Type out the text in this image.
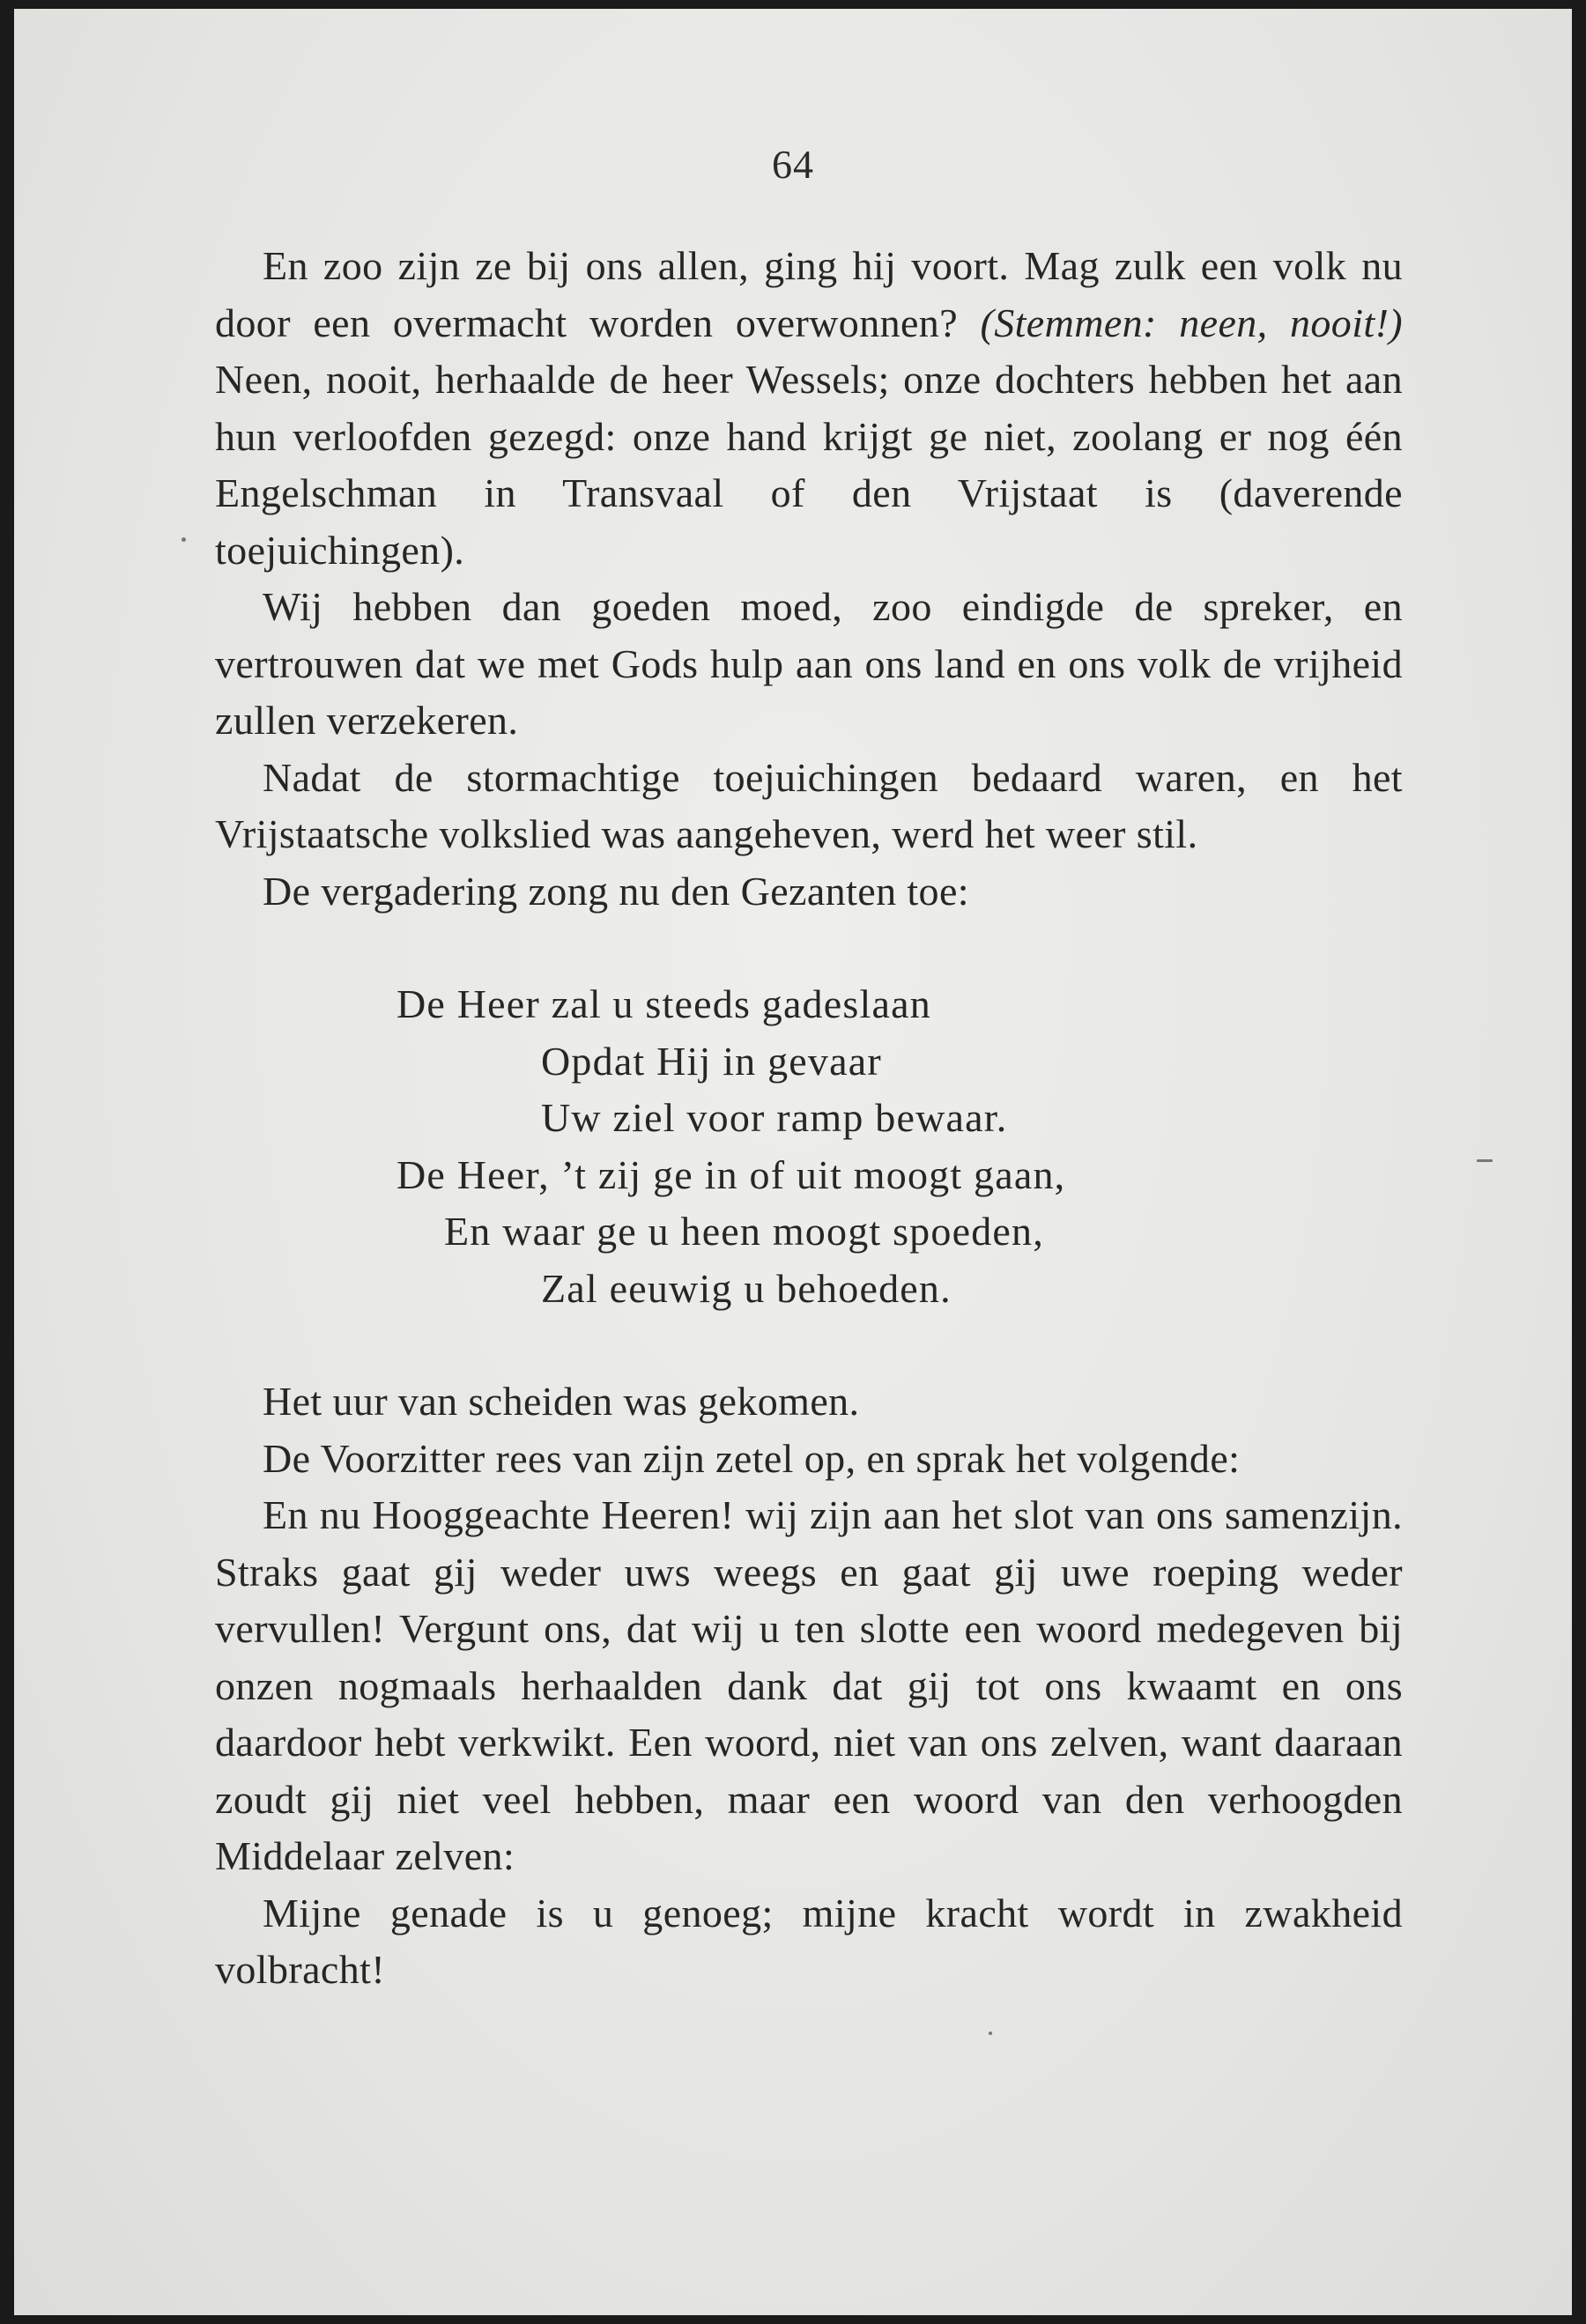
64

En zoo zijn ze bij ons allen, ging hij voort. Mag zulk een volk nu door een overmacht worden overwonnen? (Stemmen: neen, nooit!) Neen, nooit, herhaalde de heer Wessels; onze dochters hebben het aan hun verloofden gezegd: onze hand krijgt ge niet, zoolang er nog één Engelschman in Transvaal of den Vrijstaat is (daverende toejuichingen).

Wij hebben dan goeden moed, zoo eindigde de spreker, en vertrouwen dat we met Gods hulp aan ons land en ons volk de vrijheid zullen verzekeren.

Nadat de stormachtige toejuichingen bedaard waren, en het Vrijstaatsche volkslied was aangeheven, werd het weer stil.

De vergadering zong nu den Gezanten toe:

De Heer zal u steeds gadeslaan
Opdat Hij in gevaar
Uw ziel voor ramp bewaar.
De Heer, ’t zij ge in of uit moogt gaan,
En waar ge u heen moogt spoeden,
Zal eeuwig u behoeden.

Het uur van scheiden was gekomen.

De Voorzitter rees van zijn zetel op, en sprak het volgende:

En nu Hooggeachte Heeren! wij zijn aan het slot van ons samenzijn. Straks gaat gij weder uws weegs en gaat gij uwe roeping weder vervullen! Vergunt ons, dat wij u ten slotte een woord medegeven bij onzen nogmaals herhaalden dank dat gij tot ons kwaamt en ons daardoor hebt verkwikt. Een woord, niet van ons zelven, want daaraan zoudt gij niet veel hebben, maar een woord van den verhoogden Middelaar zelven:

Mijne genade is u genoeg; mijne kracht wordt in zwakheid volbracht!
